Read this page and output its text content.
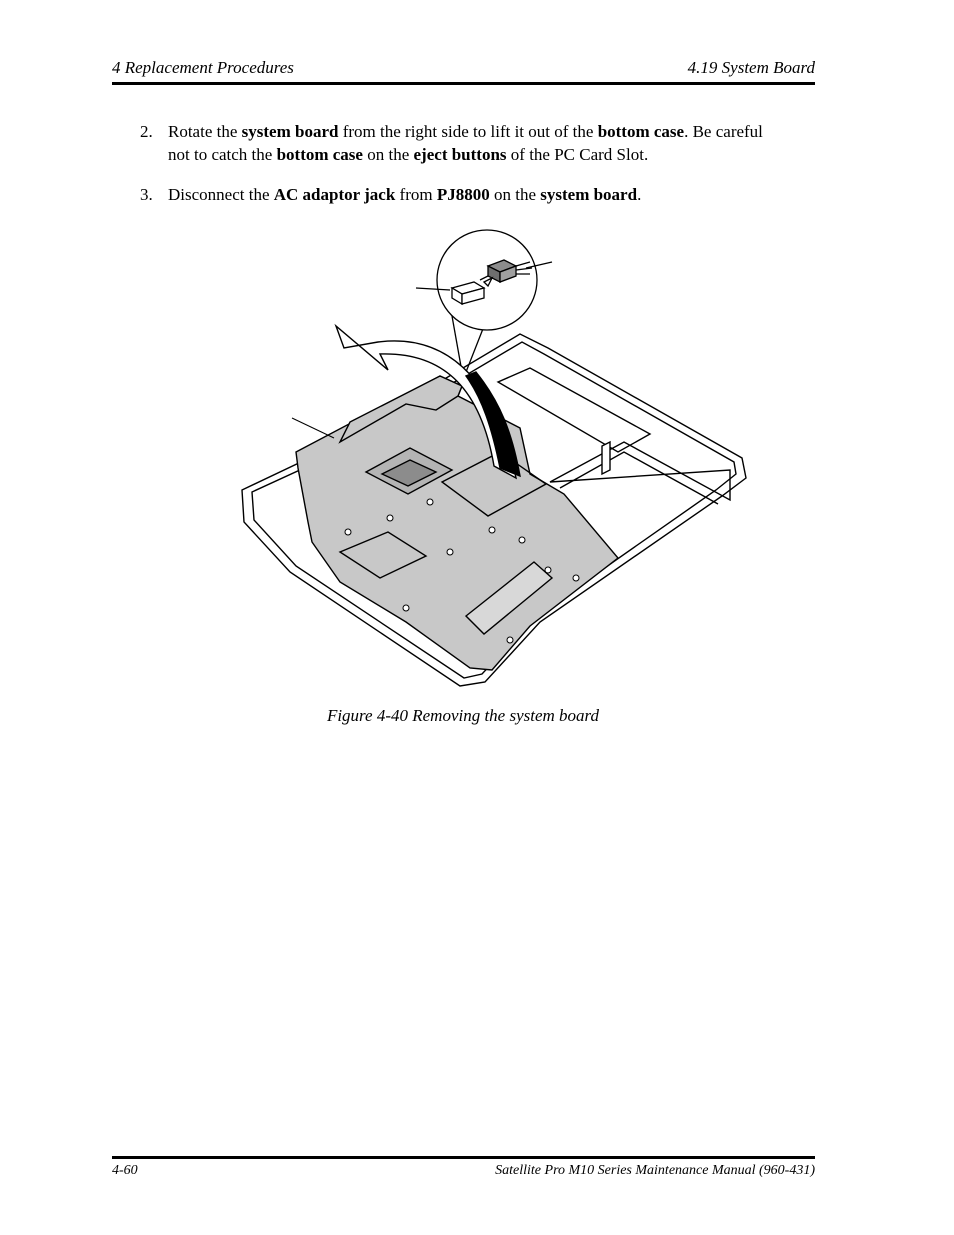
4 Replacement Procedures	4.19 System Board
2. Rotate the system board from the right side to lift it out of the bottom case. Be careful not to catch the bottom case on the eject buttons of the PC Card Slot.
3. Disconnect the AC adaptor jack from PJ8800 on the system board.
Figure 4-40 Removing the system board
4-60	Satellite Pro M10 Series Maintenance Manual (960-431)
